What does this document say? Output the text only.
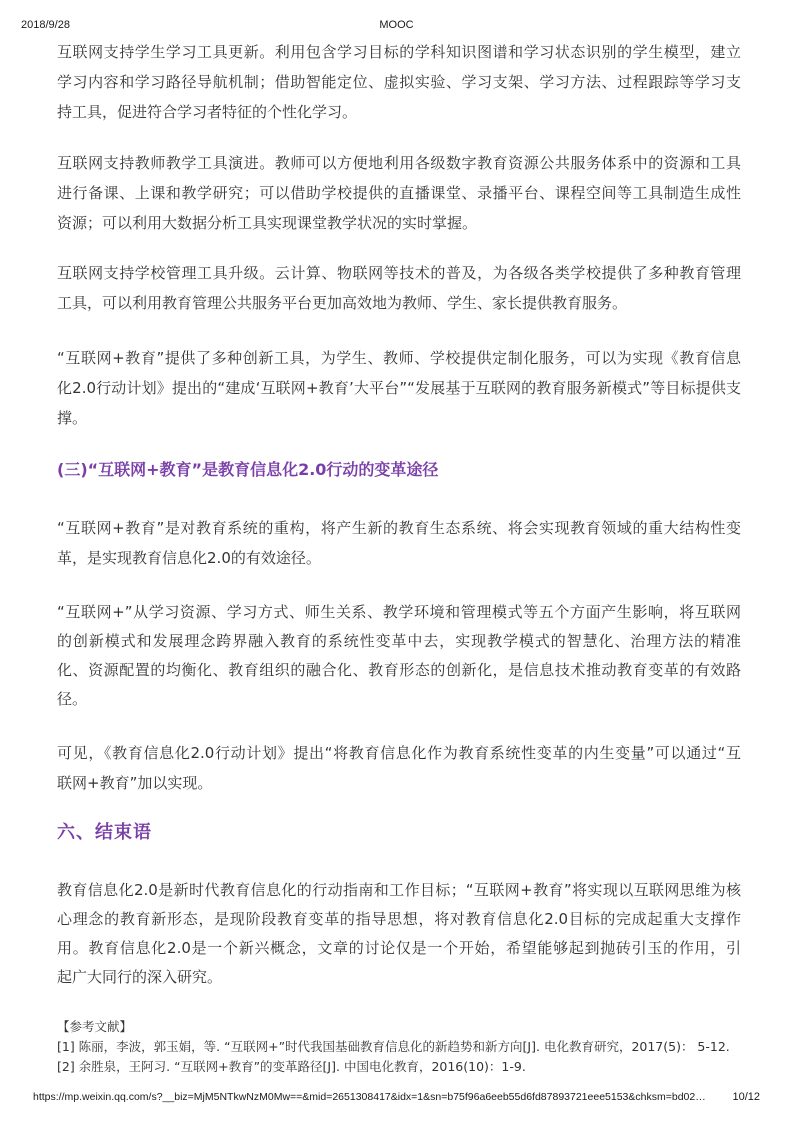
2018/9/28	MOOC
互联网支持学生学习工具更新。利用包含学习目标的学科知识图谱和学习状态识别的学生模型，建立
学习内容和学习路径导航机制；借助智能定位、虚拟实验、学习支架、学习方法、过程跟踪等学习支
持工具，促进符合学习者特征的个性化学习。
互联网支持教师教学工具演进。教师可以方便地利用各级数字教育资源公共服务体系中的资源和工具
进行备课、上课和教学研究；可以借助学校提供的直播课堂、录播平台、课程空间等工具制造生成性
资源；可以利用大数据分析工具实现课堂教学状况的实时掌握。
互联网支持学校管理工具升级。云计算、物联网等技术的普及，为各级各类学校提供了多种教育管理
工具，可以利用教育管理公共服务平台更加高效地为教师、学生、家长提供教育服务。
“互联网+教育”提供了多种创新工具，为学生、教师、学校提供定制化服务，可以为实现《教育信息
化2.0行动计划》提出的“建成‘互联网+教育’大平台”“发展基于互联网的教育服务新模式”等目标提供支
撑。
(三)“互联网+教育”是教育信息化2.0行动的变革途径
“互联网+教育”是对教育系统的重构，将产生新的教育生态系统、将会实现教育领域的重大结构性变
革，是实现教育信息化2.0的有效途径。
“互联网+”从学习资源、学习方式、师生关系、教学环境和管理模式等五个方面产生影响，将互联网
的创新模式和发展理念跨界融入教育的系统性变革中去，实现教学模式的智慧化、治理方法的精准
化、资源配置的均衡化、教育组织的融合化、教育形态的创新化，是信息技术推动教育变革的有效路
径。
可见，《教育信息化2.0行动计划》提出“将教育信息化作为教育系统性变革的内生变量”可以通过“互
联网+教育”加以实现。
六、结束语
教育信息化2.0是新时代教育信息化的行动指南和工作目标；“互联网+教育”将实现以互联网思维为核
心理念的教育新形态，是现阶段教育变革的指导思想，将对教育信息化2.0目标的完成起重大支撑作
用。教育信息化2.0是一个新兴概念，文章的讨论仅是一个开始，希望能够起到抛砖引玉的作用，引
起广大同行的深入研究。
【参考文献】
[1] 陈丽，李波，郭玉娟，等. “互联网+”时代我国基础教育信息化的新趋势和新方向[J]. 电化教育研究，2017(5)： 5-12.
[2] 余胜泉，王阿习. “互联网+教育”的变革路径[J]. 中国电化教育，2016(10)：1-9.
https://mp.weixin.qq.com/s?__biz=MjM5NTkwNzM0Mw==&mid=2651308417&idx=1&sn=b75f96a6eeb55d6fd87893721eee5153&chksm=bd02…	10/12
